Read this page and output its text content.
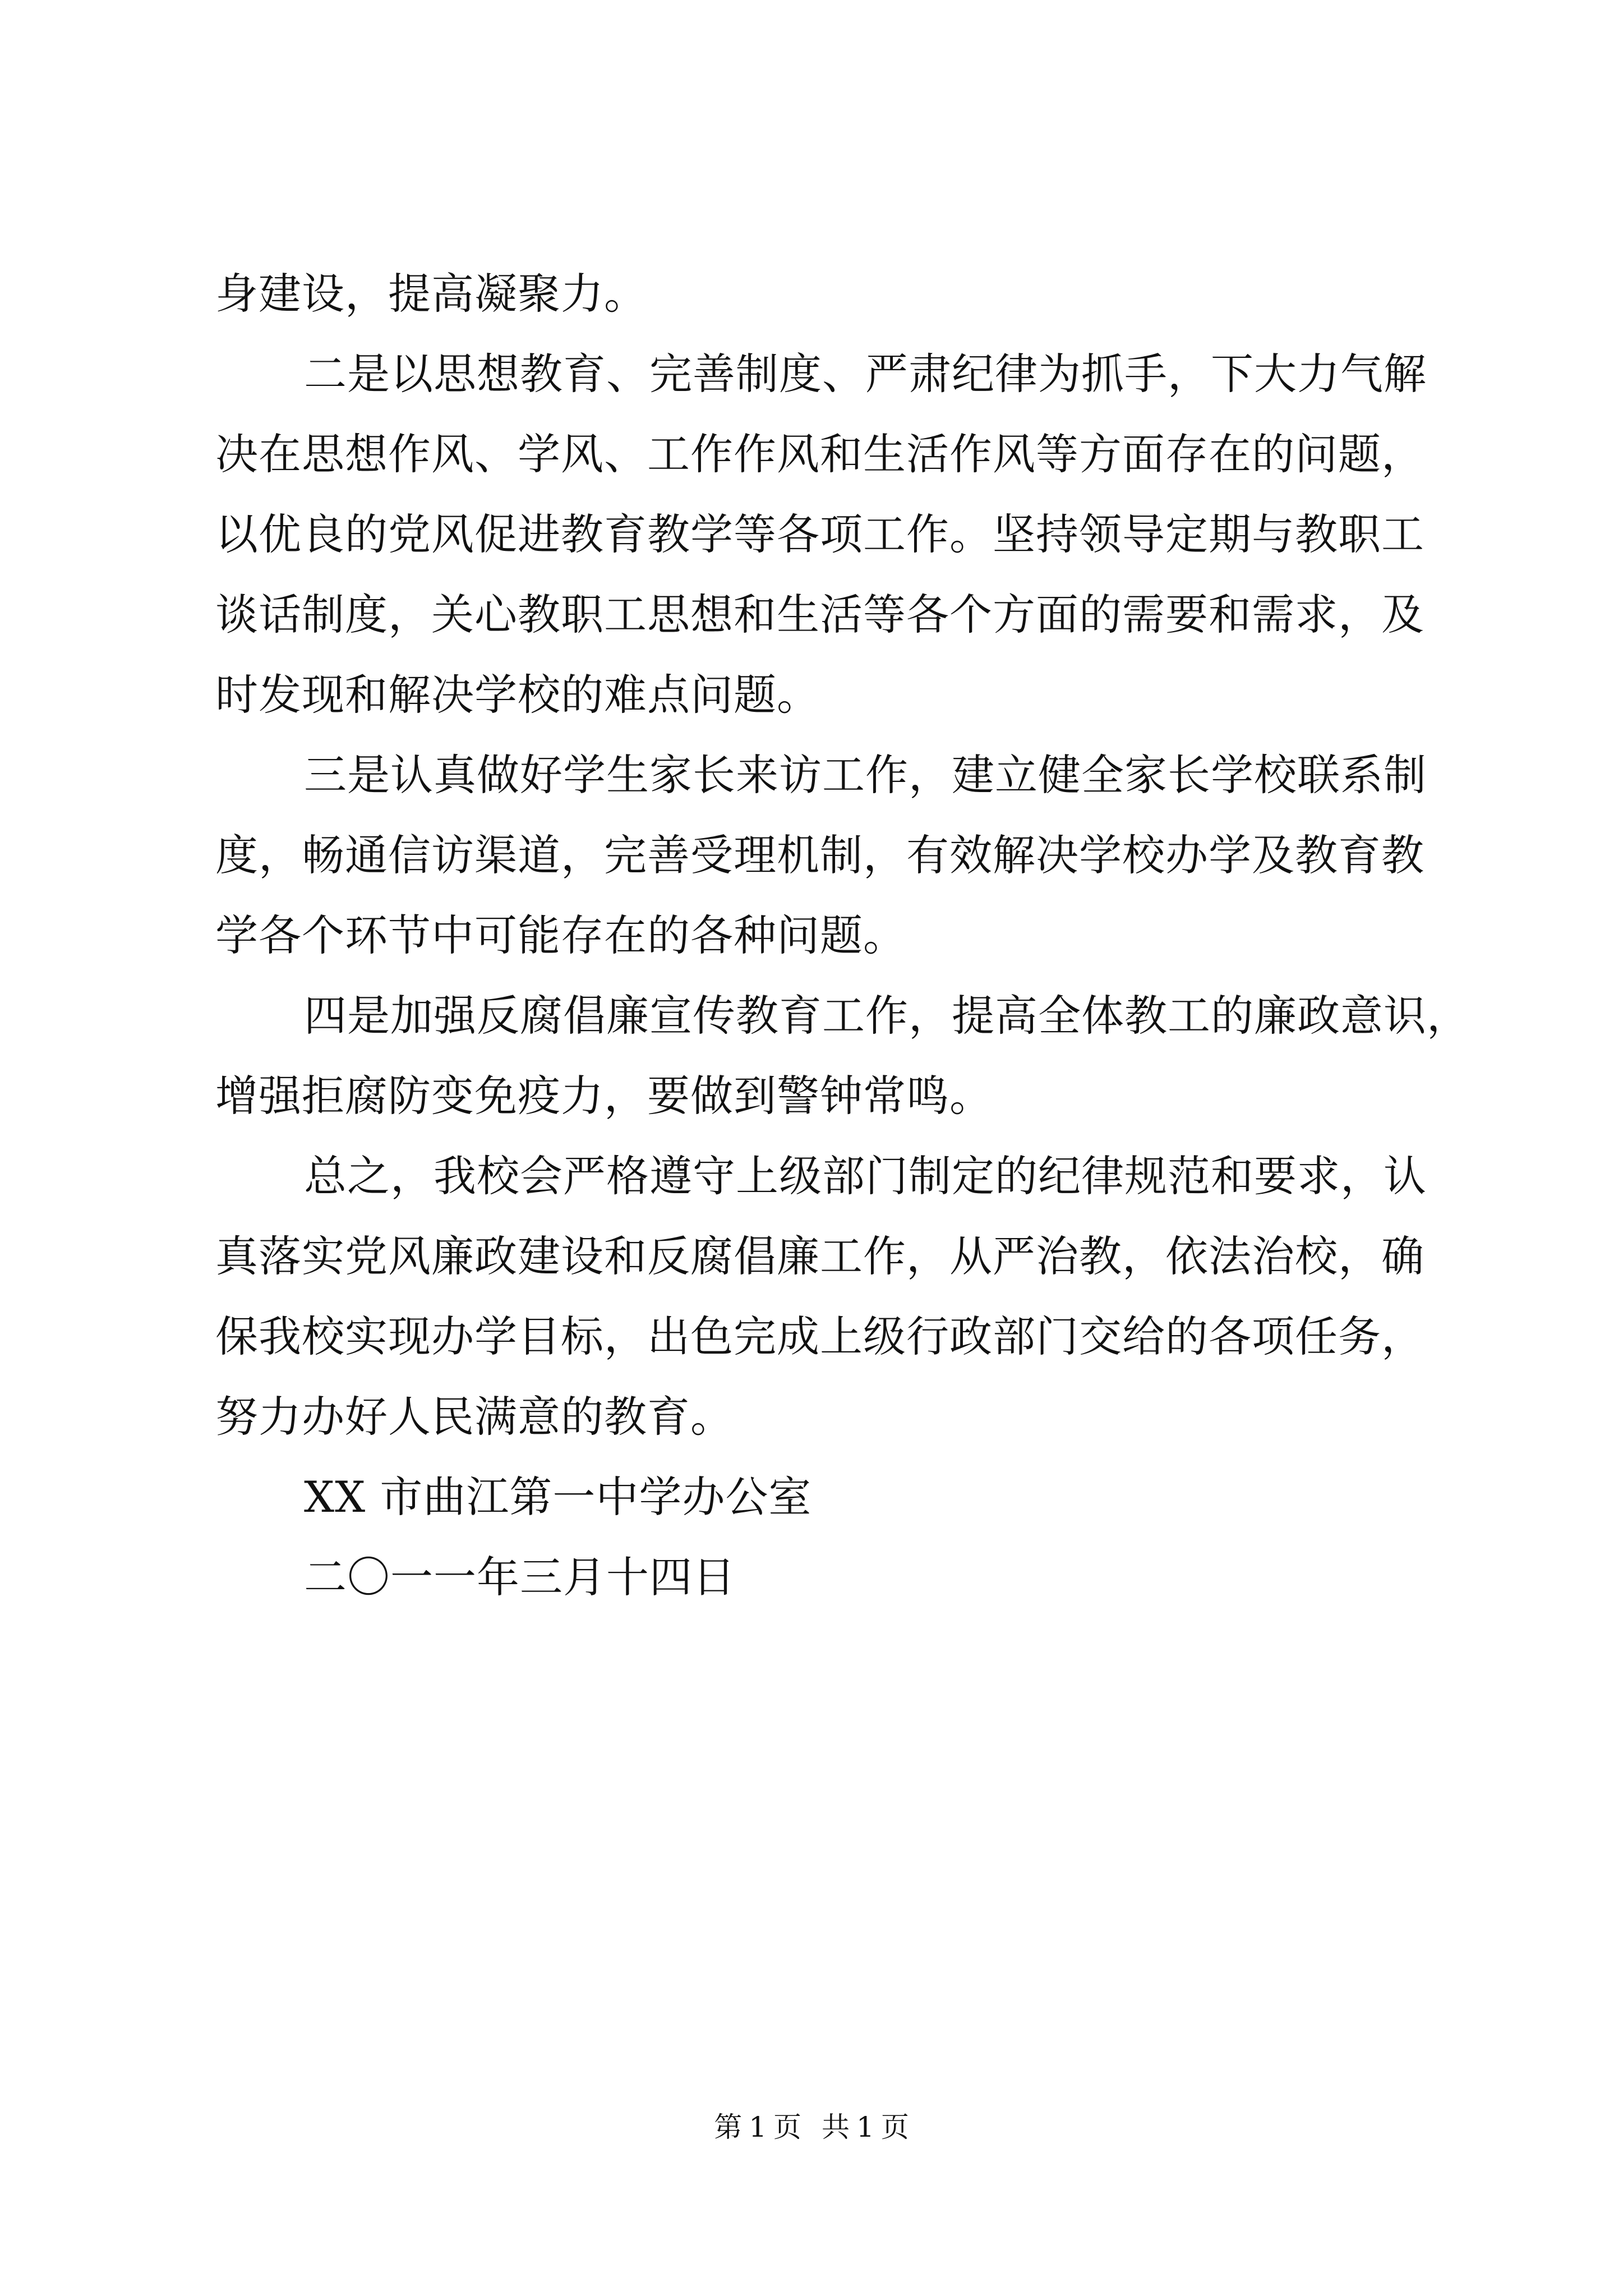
身建设，提高凝聚力。
二是以思想教育、完善制度、严肃纪律为抓手，下大力气解
决在思想作风、学风、工作作风和生活作风等方面存在的问题，
以优良的党风促进教育教学等各项工作。坚持领导定期与教职工
谈话制度，关心教职工思想和生活等各个方面的需要和需求，及
时发现和解决学校的难点问题。
三是认真做好学生家长来访工作，建立健全家长学校联系制
度，畅通信访渠道，完善受理机制，有效解决学校办学及教育教
学各个环节中可能存在的各种问题。
四是加强反腐倡廉宣传教育工作，提高全体教工的廉政意识，
增强拒腐防变免疫力，要做到警钟常鸣。
总之，我校会严格遵守上级部门制定的纪律规范和要求，认
真落实党风廉政建设和反腐倡廉工作，从严治教，依法治校，确
保我校实现办学目标，出色完成上级行政部门交给的各项任务，
努力办好人民满意的教育。
XX 市曲江第一中学办公室
二〇一一年三月十四日
第 1 页 共 1 页
